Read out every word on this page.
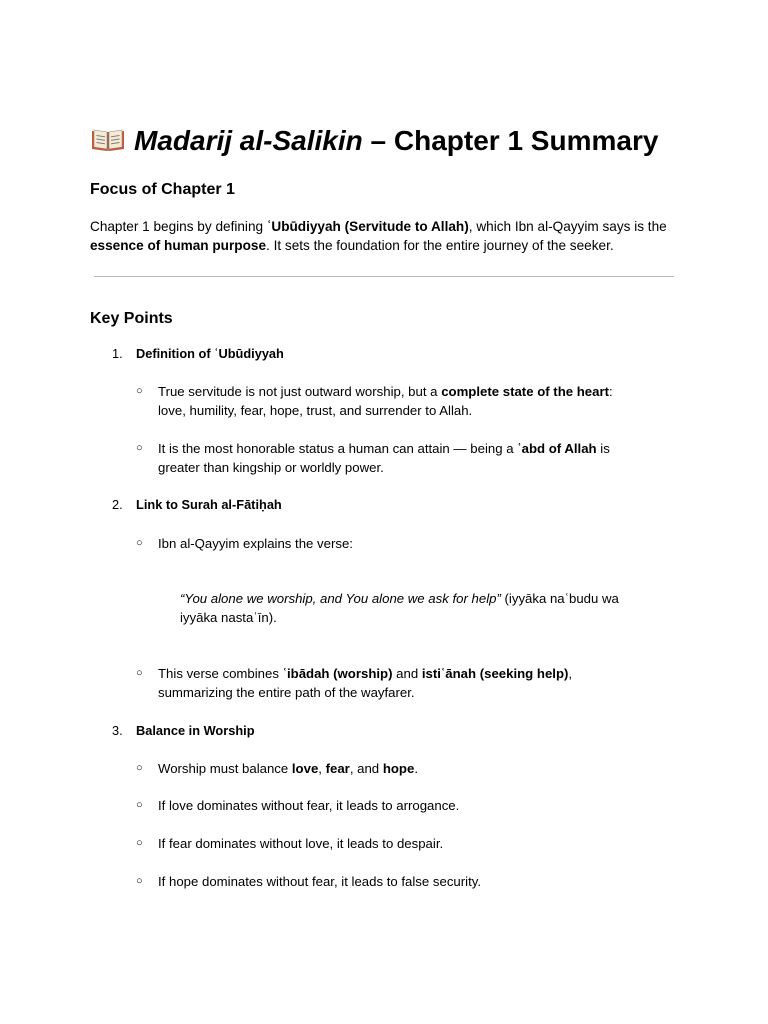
Madarij al-Salikin – Chapter 1 Summary
Focus of Chapter 1

Chapter 1 begins by defining ʿUbūdiyyah (Servitude to Allah), which Ibn al-Qayyim says is the
essence of human purpose. It sets the foundation for the entire journey of the seeker.

Key Points
1. Definition of ʿUbūdiyyah
○ True servitude is not just outward worship, but a complete state of the heart:
love, humility, fear, hope, trust, and surrender to Allah.
○ It is the most honorable status a human can attain — being a ʿabd of Allah is
greater than kingship or worldly power.
2. Link to Surah al-Fātiḥah
○ Ibn al-Qayyim explains the verse:
“You alone we worship, and You alone we ask for help” (iyyāka naʿbudu wa
iyyāka nastaʿīn).
○ This verse combines ʿibādah (worship) and istiʿānah (seeking help),
summarizing the entire path of the wayfarer.
3. Balance in Worship
○ Worship must balance love, fear, and hope.
○ If love dominates without fear, it leads to arrogance.
○ If fear dominates without love, it leads to despair.
○ If hope dominates without fear, it leads to false security.
